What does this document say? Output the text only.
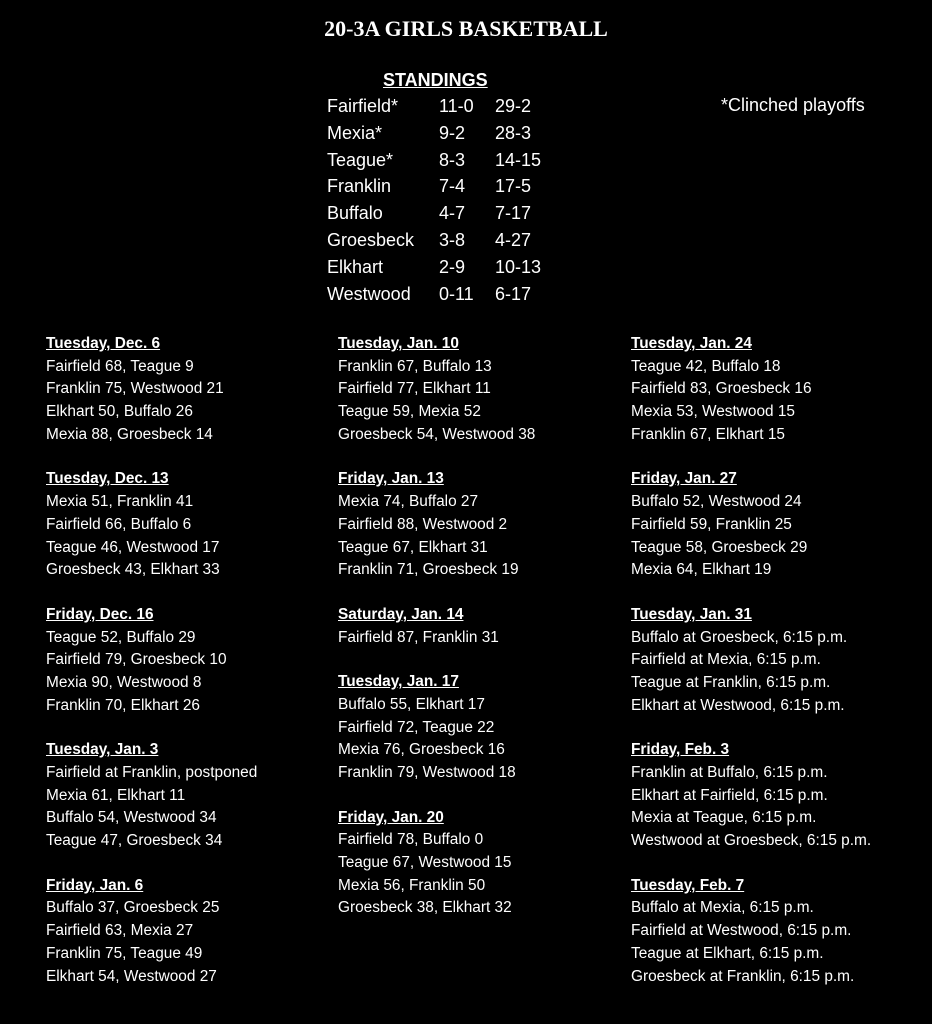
20-3A GIRLS BASKETBALL
STANDINGS
Fairfield* 11-0 29-2
Mexia*	9-2 28-3
Teague*	8-3 14-15
Franklin	7-4 17-5
Buffalo	4-7 7-17
Groesbeck 3-8 4-27
Elkhart	2-9 10-13
Westwood 0-11 6-17
*Clinched playoffs
Tuesday, Dec. 6
Fairfield 68, Teague 9
Franklin 75, Westwood 21
Elkhart 50, Buffalo 26
Mexia 88, Groesbeck 14
Tuesday, Dec. 13
Mexia 51, Franklin 41
Fairfield 66, Buffalo 6
Teague 46, Westwood 17
Groesbeck 43, Elkhart 33
Friday, Dec. 16
Teague 52, Buffalo 29
Fairfield 79, Groesbeck 10
Mexia 90, Westwood 8
Franklin 70, Elkhart 26
Tuesday, Jan. 3
Fairfield at Franklin, postponed
Mexia 61, Elkhart 11
Buffalo 54, Westwood 34
Teague 47, Groesbeck 34
Friday, Jan. 6
Buffalo 37, Groesbeck 25
Fairfield 63, Mexia 27
Franklin 75, Teague 49
Elkhart 54, Westwood 27
Tuesday, Jan. 10
Franklin 67, Buffalo 13
Fairfield 77, Elkhart 11
Teague 59, Mexia 52
Groesbeck 54, Westwood 38
Friday, Jan. 13
Mexia 74, Buffalo 27
Fairfield 88, Westwood 2
Teague 67, Elkhart 31
Franklin 71, Groesbeck 19
Saturday, Jan. 14
Fairfield 87, Franklin 31
Tuesday, Jan. 17
Buffalo 55, Elkhart 17
Fairfield 72, Teague 22
Mexia 76, Groesbeck 16
Franklin 79, Westwood 18
Friday, Jan. 20
Fairfield 78, Buffalo 0
Teague 67, Westwood 15
Mexia 56, Franklin 50
Groesbeck 38, Elkhart 32
Tuesday, Jan. 24
Teague 42, Buffalo 18
Fairfield 83, Groesbeck 16
Mexia 53, Westwood 15
Franklin 67, Elkhart 15
Friday, Jan. 27
Buffalo 52, Westwood 24
Fairfield 59, Franklin 25
Teague 58, Groesbeck 29
Mexia 64, Elkhart 19
Tuesday, Jan. 31
Buffalo at Groesbeck, 6:15 p.m.
Fairfield at Mexia, 6:15 p.m.
Teague at Franklin, 6:15 p.m.
Elkhart at Westwood, 6:15 p.m.
Friday, Feb. 3
Franklin at Buffalo, 6:15 p.m.
Elkhart at Fairfield, 6:15 p.m.
Mexia at Teague, 6:15 p.m.
Westwood at Groesbeck, 6:15 p.m.
Tuesday, Feb. 7
Buffalo at Mexia, 6:15 p.m.
Fairfield at Westwood, 6:15 p.m.
Teague at Elkhart, 6:15 p.m.
Groesbeck at Franklin, 6:15 p.m.
